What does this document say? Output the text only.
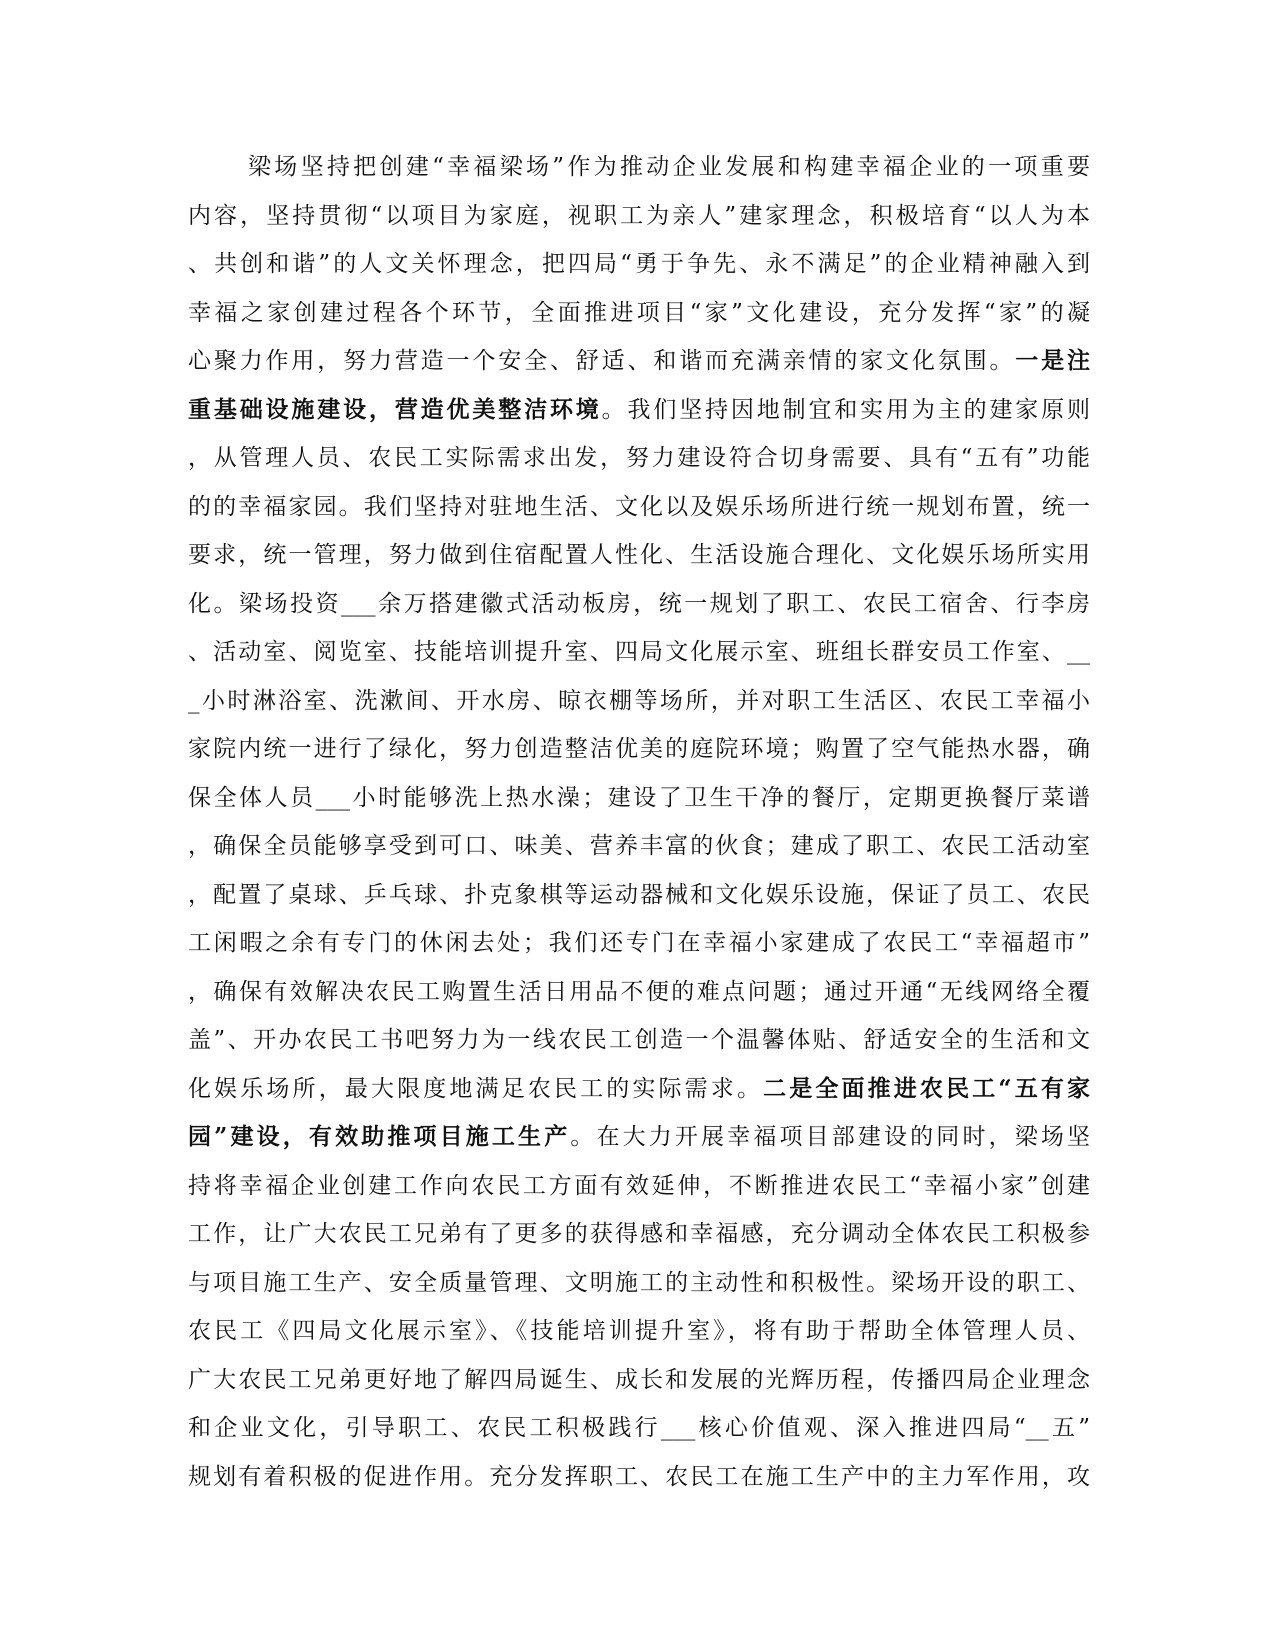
梁场坚持把创建“幸福梁场”作为推动企业发展和构建幸福企业的一项重要
内容，坚持贯彻“以项目为家庭，视职工为亲人”建家理念，积极培育“以人为本
、共创和谐”的人文关怀理念，把四局“勇于争先、永不满足”的企业精神融入到
幸福之家创建过程各个环节，全面推进项目“家”文化建设，充分发挥“家”的凝
心聚力作用，努力营造一个安全、舒适、和谐而充满亲情的家文化氛围。一是注
重基础设施建设，营造优美整洁环境。我们坚持因地制宜和实用为主的建家原则
，从管理人员、农民工实际需求出发，努力建设符合切身需要、具有“五有”功能
的的幸福家园。我们坚持对驻地生活、文化以及娱乐场所进行统一规划布置，统一
要求，统一管理，努力做到住宿配置人性化、生活设施合理化、文化娱乐场所实用
化。梁场投资___余万搭建徽式活动板房，统一规划了职工、农民工宿舍、行李房
、活动室、阅览室、技能培训提升室、四局文化展示室、班组长群安员工作室、__
_小时淋浴室、洗漱间、开水房、晾衣棚等场所，并对职工生活区、农民工幸福小
家院内统一进行了绿化，努力创造整洁优美的庭院环境；购置了空气能热水器，确
保全体人员___小时能够洗上热水澡；建设了卫生干净的餐厅，定期更换餐厅菜谱
，确保全员能够享受到可口、味美、营养丰富的伙食；建成了职工、农民工活动室
，配置了桌球、乒乓球、扑克象棋等运动器械和文化娱乐设施，保证了员工、农民
工闲暇之余有专门的休闲去处；我们还专门在幸福小家建成了农民工“幸福超市”
，确保有效解决农民工购置生活日用品不便的难点问题；通过开通“无线网络全覆
盖”、开办农民工书吧努力为一线农民工创造一个温馨体贴、舒适安全的生活和文
化娱乐场所，最大限度地满足农民工的实际需求。二是全面推进农民工“五有家
园”建设，有效助推项目施工生产。在大力开展幸福项目部建设的同时，梁场坚
持将幸福企业创建工作向农民工方面有效延伸，不断推进农民工“幸福小家”创建
工作，让广大农民工兄弟有了更多的获得感和幸福感，充分调动全体农民工积极参
与项目施工生产、安全质量管理、文明施工的主动性和积极性。梁场开设的职工、
农民工《四局文化展示室》、《技能培训提升室》，将有助于帮助全体管理人员、
广大农民工兄弟更好地了解四局诞生、成长和发展的光辉历程，传播四局企业理念
和企业文化，引导职工、农民工积极践行___核心价值观、深入推进四局“__五”
规划有着积极的促进作用。充分发挥职工、农民工在施工生产中的主力军作用，攻
